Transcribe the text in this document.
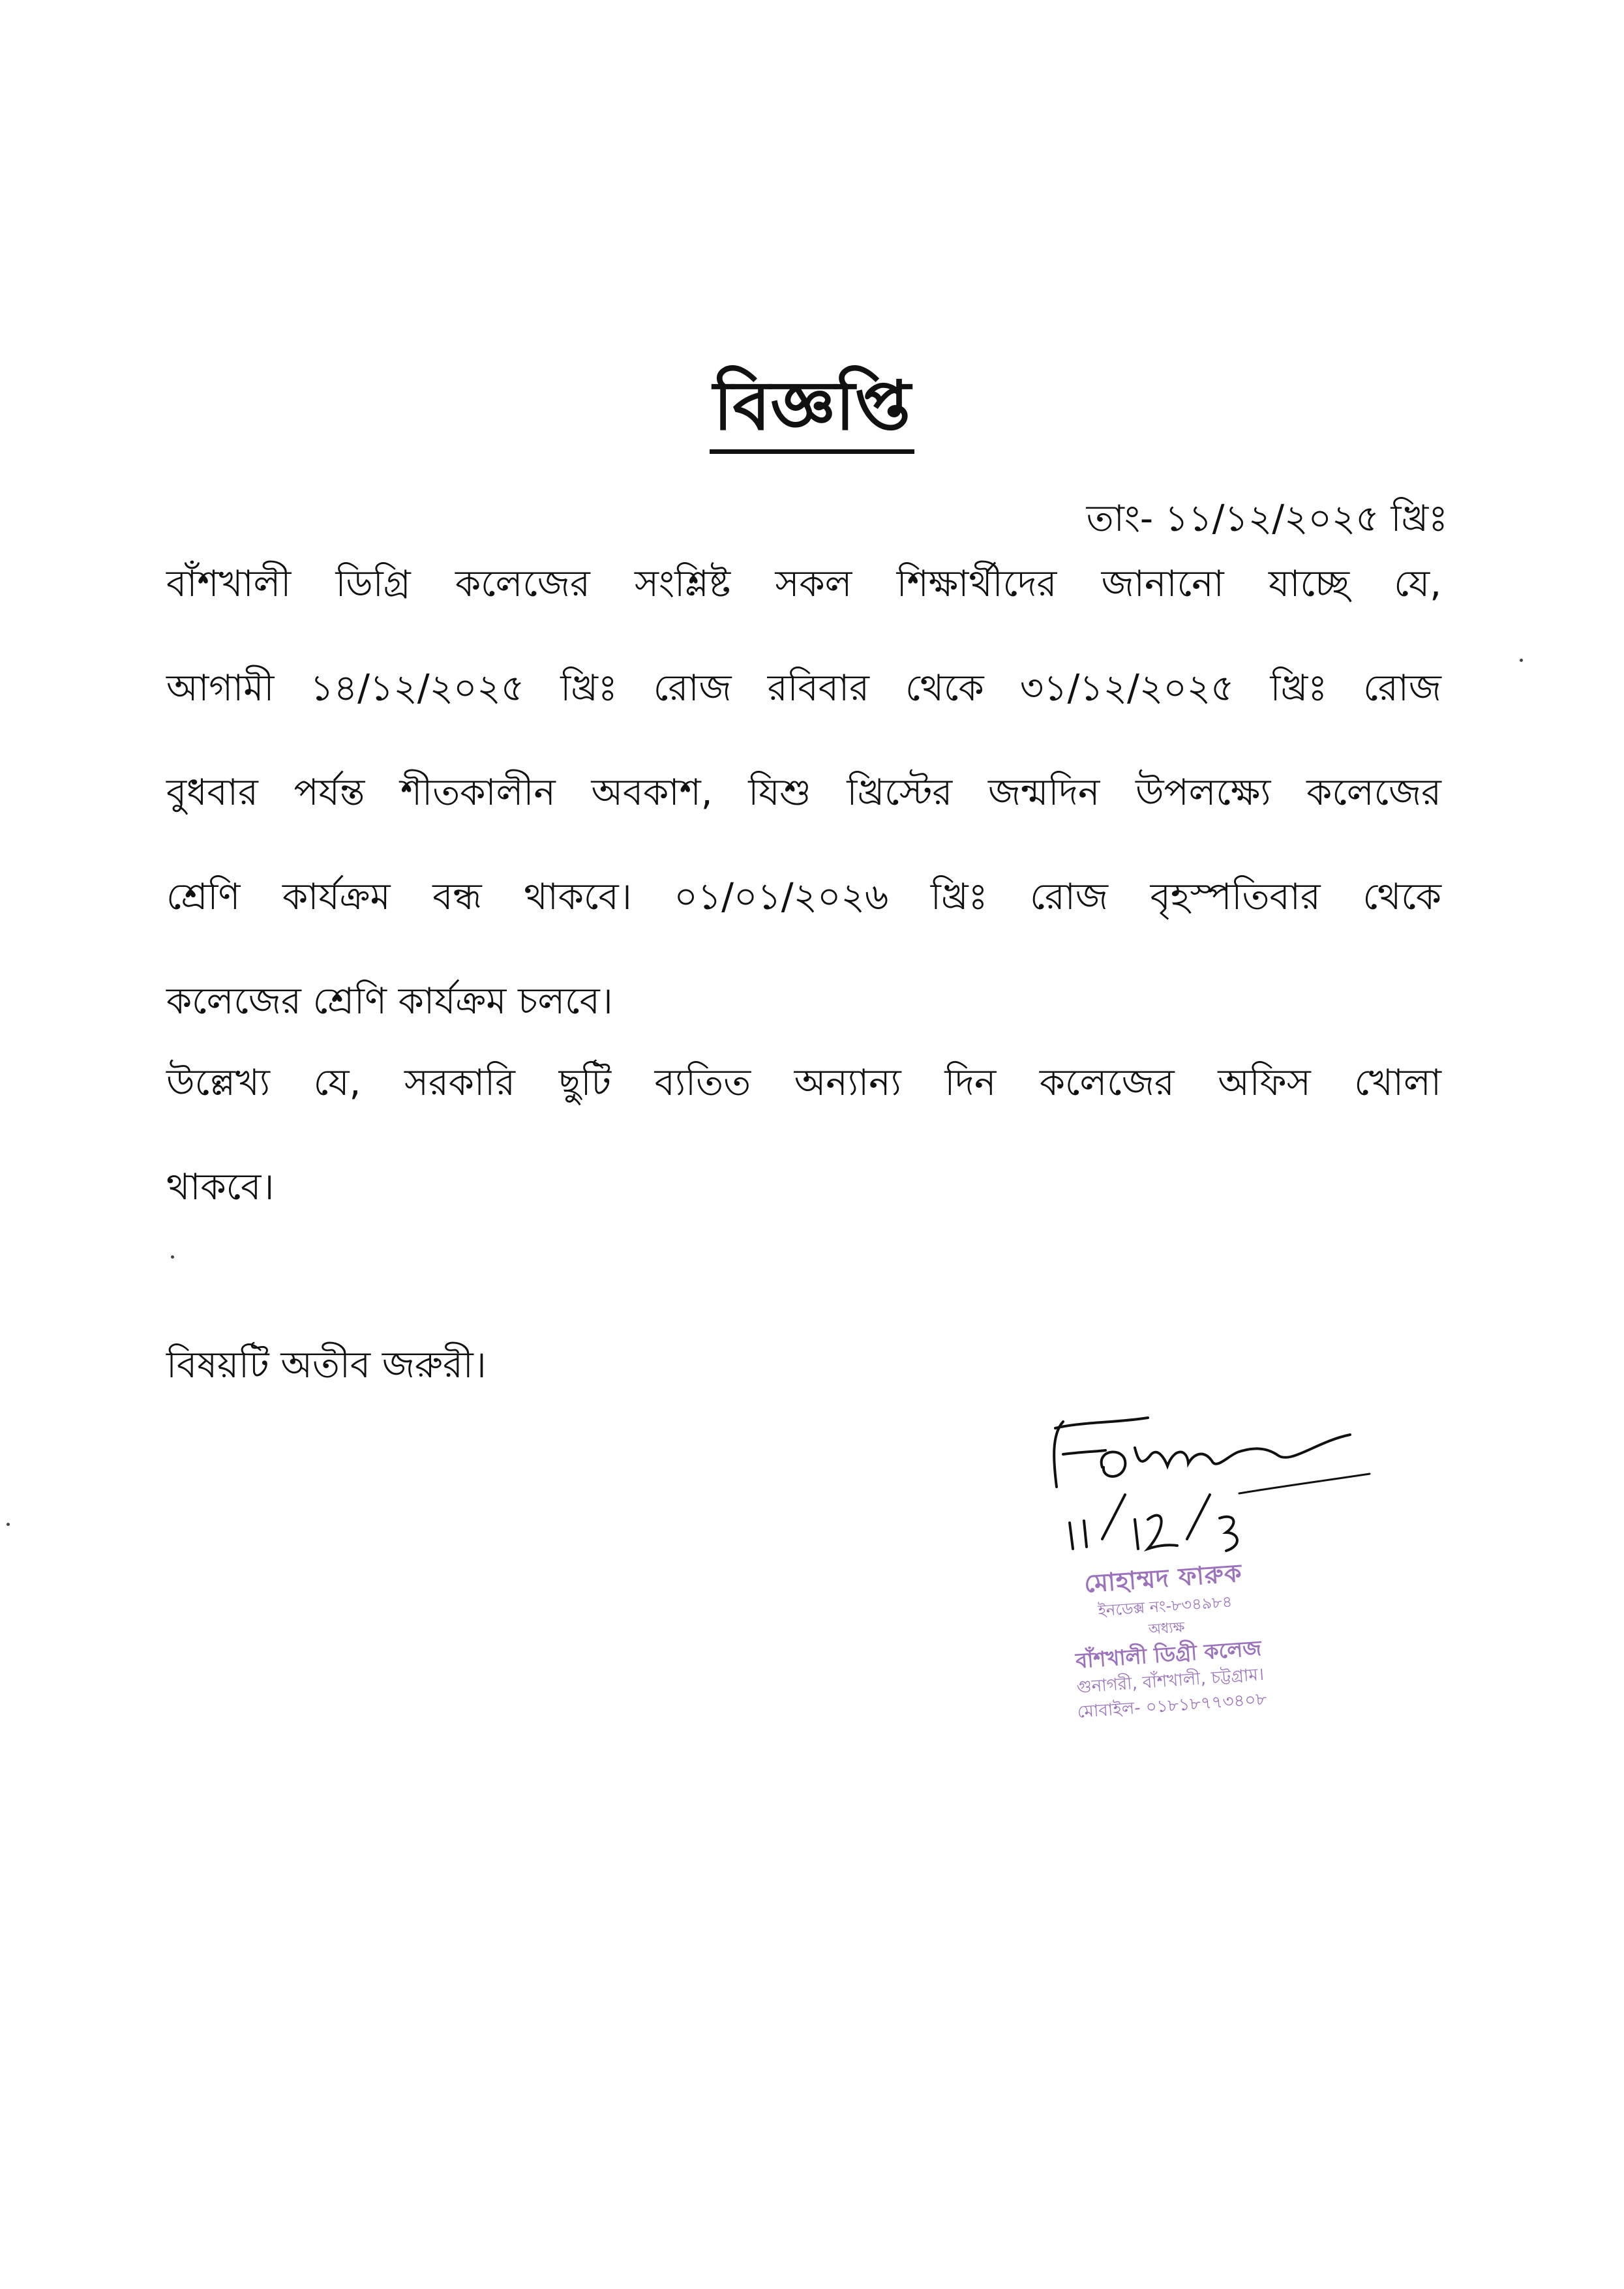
বিজ্ঞপ্তি
তাং- ১১/১২/২০২৫ খ্রিঃ
বাঁশখালী ডিগ্রি কলেজের সংশ্লিষ্ট সকল শিক্ষার্থীদের জানানো যাচ্ছে যে,
আগামী ১৪/১২/২০২৫ খ্রিঃ রোজ রবিবার থেকে ৩১/১২/২০২৫ খ্রিঃ রোজ
বুধবার পর্যন্ত শীতকালীন অবকাশ, যিশু খ্রিস্টের জন্মদিন উপলক্ষ্যে কলেজের
শ্রেণি কার্যক্রম বন্ধ থাকবে। ০১/০১/২০২৬ খ্রিঃ রোজ বৃহস্পতিবার থেকে
কলেজের শ্রেণি কার্যক্রম চলবে।
উল্লেখ্য যে, সরকারি ছুটি ব্যতিত অন্যান্য দিন কলেজের অফিস খোলা
থাকবে।
বিষয়টি অতীব জরুরী।
মোহাম্মদ ফারুক
ইনডেক্স নং-৮৩৪৯৮৪
অধ্যক্ষ
বাঁশখালী ডিগ্রী কলেজ
গুনাগরী, বাঁশখালী, চট্টগ্রাম।
মোবাইল- ০১৮১৮৭৭৩৪০৮
